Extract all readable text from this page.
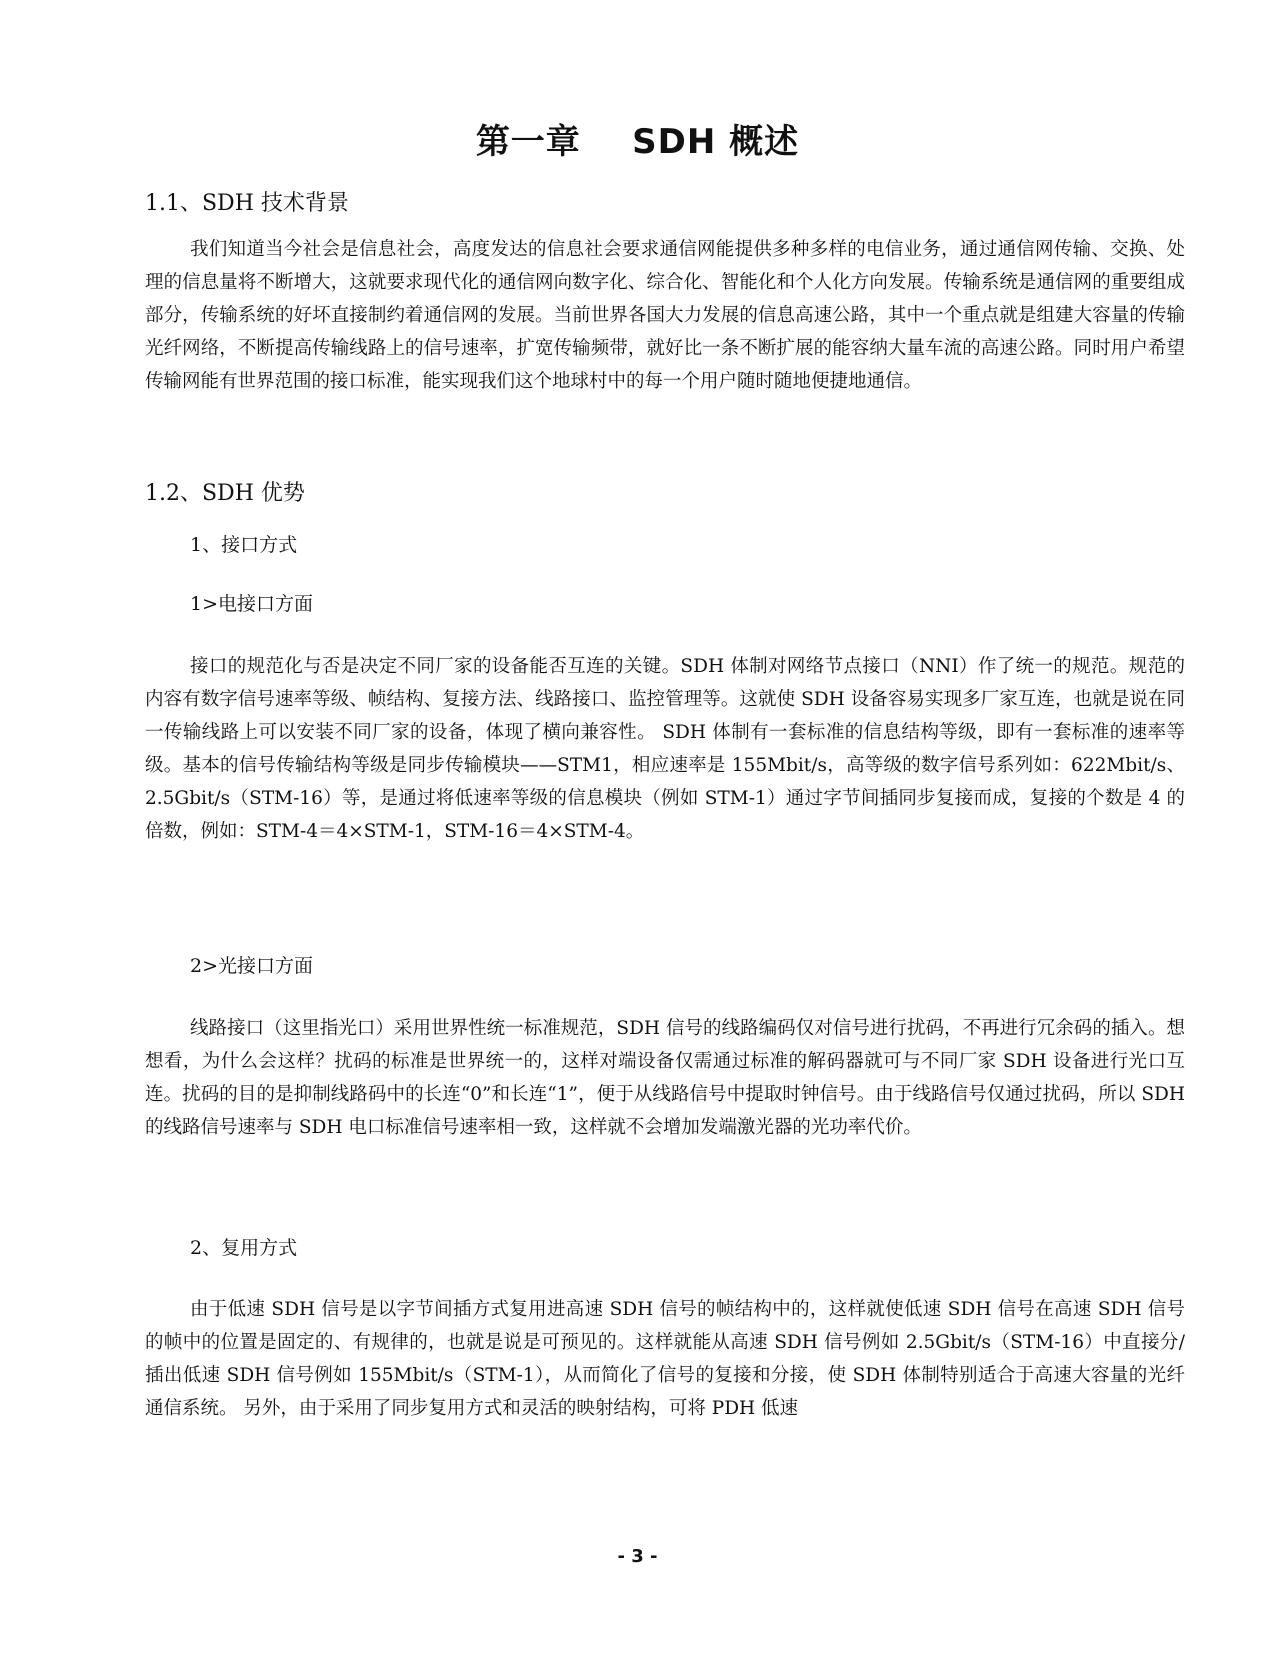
第一章    SDH 概述
1.1、SDH 技术背景

我们知道当今社会是信息社会，高度发达的信息社会要求通信网能提供多种多样的电信业务，通过通信网传输、交换、处理的信息量将不断增大，这就要求现代化的通信网向数字化、综合化、智能化和个人化方向发展。传输系统是通信网的重要组成部分，传输系统的好坏直接制约着通信网的发展。当前世界各国大力发展的信息高速公路，其中一个重点就是组建大容量的传输光纤网络，不断提高传输线路上的信号速率，扩宽传输频带，就好比一条不断扩展的能容纳大量车流的高速公路。同时用户希望传输网能有世界范围的接口标准，能实现我们这个地球村中的每一个用户随时随地便捷地通信。

1.2、SDH 优势
1、接口方式
1>电接口方面

接口的规范化与否是决定不同厂家的设备能否互连的关键。SDH 体制对网络节点接口（NNI）作了统一的规范。规范的内容有数字信号速率等级、帧结构、复接方法、线路接口、监控管理等。这就使 SDH 设备容易实现多厂家互连，也就是说在同一传输线路上可以安装不同厂家的设备，体现了横向兼容性。 SDH 体制有一套标准的信息结构等级，即有一套标准的速率等级。基本的信号传输结构等级是同步传输模块——STM1，相应速率是 155Mbit/s，高等级的数字信号系列如：622Mbit/s、2.5Gbit/s（STM-16）等，是通过将低速率等级的信息模块（例如 STM-1）通过字节间插同步复接而成，复接的个数是 4 的倍数，例如：STM-4＝4×STM-1，STM-16＝4×STM-4。

2>光接口方面

线路接口（这里指光口）采用世界性统一标准规范，SDH 信号的线路编码仅对信号进行扰码，不再进行冗余码的插入。想想看，为什么会这样？扰码的标准是世界统一的，这样对端设备仅需通过标准的解码器就可与不同厂家 SDH 设备进行光口互连。扰码的目的是抑制线路码中的长连“0”和长连“1”，便于从线路信号中提取时钟信号。由于线路信号仅通过扰码，所以 SDH 的线路信号速率与 SDH 电口标准信号速率相一致，这样就不会增加发端激光器的光功率代价。

2、复用方式

由于低速 SDH 信号是以字节间插方式复用进高速 SDH 信号的帧结构中的，这样就使低速 SDH 信号在高速 SDH 信号的帧中的位置是固定的、有规律的，也就是说是可预见的。这样就能从高速 SDH 信号例如 2.5Gbit/s（STM-16）中直接分/插出低速 SDH 信号例如 155Mbit/s（STM-1），从而简化了信号的复接和分接，使 SDH 体制特别适合于高速大容量的光纤通信系统。 另外，由于采用了同步复用方式和灵活的映射结构，可将 PDH 低速

- 3 -
